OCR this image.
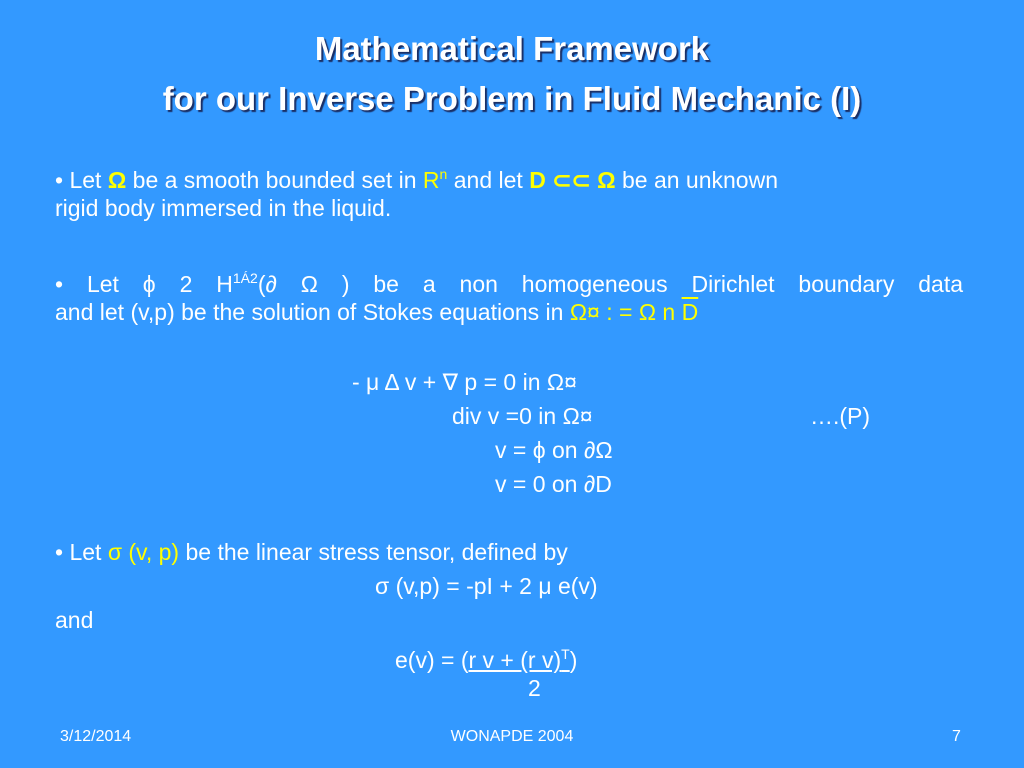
Mathematical Framework
for our Inverse Problem in Fluid Mechanic (I)
• Let Ω be a smooth bounded set in $R^n$ and let D ⊂⊂ Ω be an unknown
rigid body immersed in the liquid.
• Let ϕ 2 $H^{1Á2}(\partial$ Ω ) be a non homogeneous Dirichlet boundary data
and let (v,p) be the solution of Stokes equations in Ω¤ : = Ω n $\overline{D}$
- μ Δ v + ∇ p = 0 in Ω¤
div v =0 in Ω¤	….(P)
v = ϕ on ∂Ω
v = 0 on ∂D
• Let σ (v, p) be the linear stress tensor, defined by
σ (v,p) = -pI + 2 μ e(v)
and
e(v) = (r v + (r v)$^T$)
2
3/12/2014	WONAPDE 2004	7
